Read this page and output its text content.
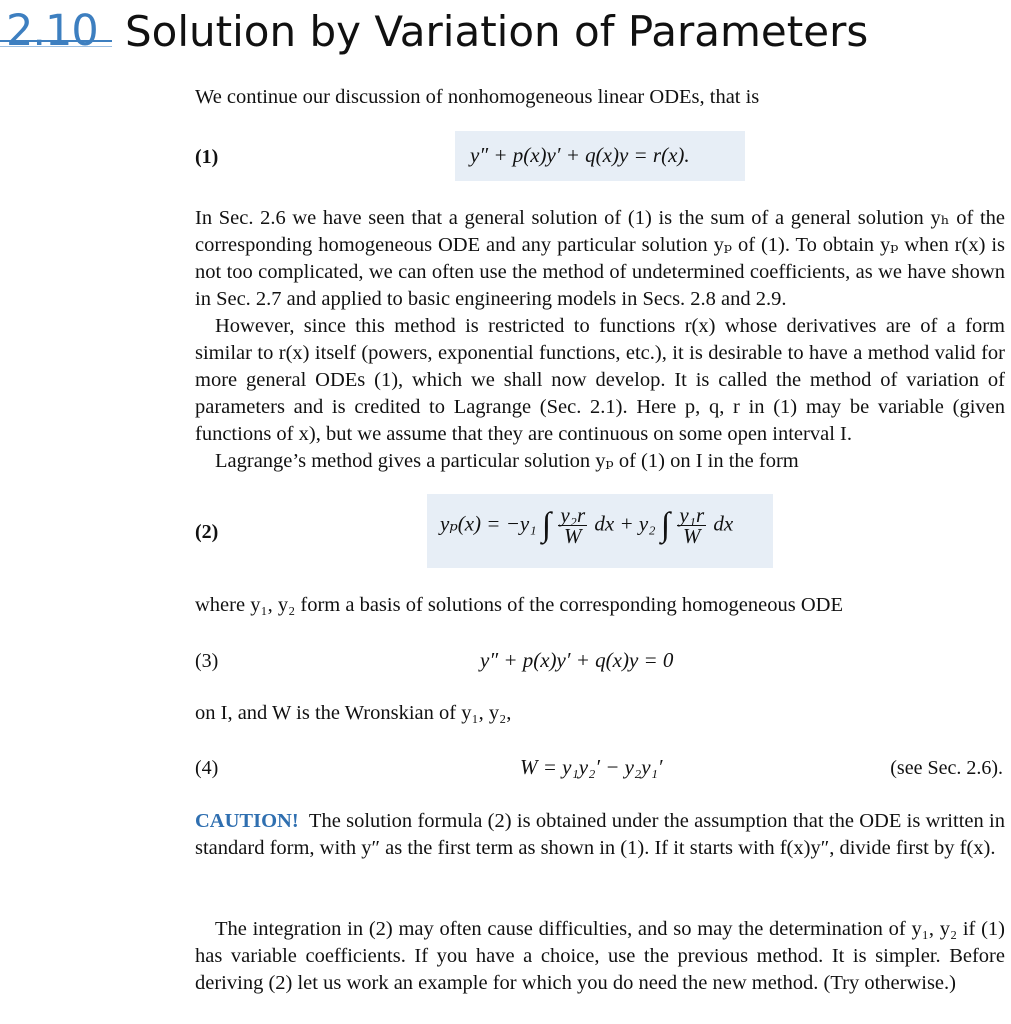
2.10 Solution by Variation of Parameters
We continue our discussion of nonhomogeneous linear ODEs, that is
(1)	y″ + p(x)y′ + q(x)y = r(x).
In Sec. 2.6 we have seen that a general solution of (1) is the sum of a general solution yₕ of the corresponding homogeneous ODE and any particular solution yₚ of (1). To obtain yₚ when r(x) is not too complicated, we can often use the method of undetermined coefficients, as we have shown in Sec. 2.7 and applied to basic engineering models in Secs. 2.8 and 2.9.
However, since this method is restricted to functions r(x) whose derivatives are of a form similar to r(x) itself (powers, exponential functions, etc.), it is desirable to have a method valid for more general ODEs (1), which we shall now develop. It is called the method of variation of parameters and is credited to Lagrange (Sec. 2.1). Here p, q, r in (1) may be variable (given functions of x), but we assume that they are continuous on some open interval I.
Lagrange’s method gives a particular solution yₚ of (1) on I in the form
(2)	yₚ(x) = −y₁ ∫ $\frac{\text{y₂r}}{W}$ dx + y₂ ∫ $\frac{\text{y₁r}}{W}$ dx
where y₁, y₂ form a basis of solutions of the corresponding homogeneous ODE
(3)	y″ + p(x)y′ + q(x)y = 0
on I, and W is the Wronskian of y₁, y₂,
(4)	W = y₁y₂′ − y₂y₁′	(see Sec. 2.6).
CAUTION! The solution formula (2) is obtained under the assumption that the ODE is written in standard form, with y″ as the first term as shown in (1). If it starts with f(x)y″, divide first by f(x).
The integration in (2) may often cause difficulties, and so may the determination of y₁, y₂ if (1) has variable coefficients. If you have a choice, use the previous method. It is simpler. Before deriving (2) let us work an example for which you do need the new method. (Try otherwise.)
